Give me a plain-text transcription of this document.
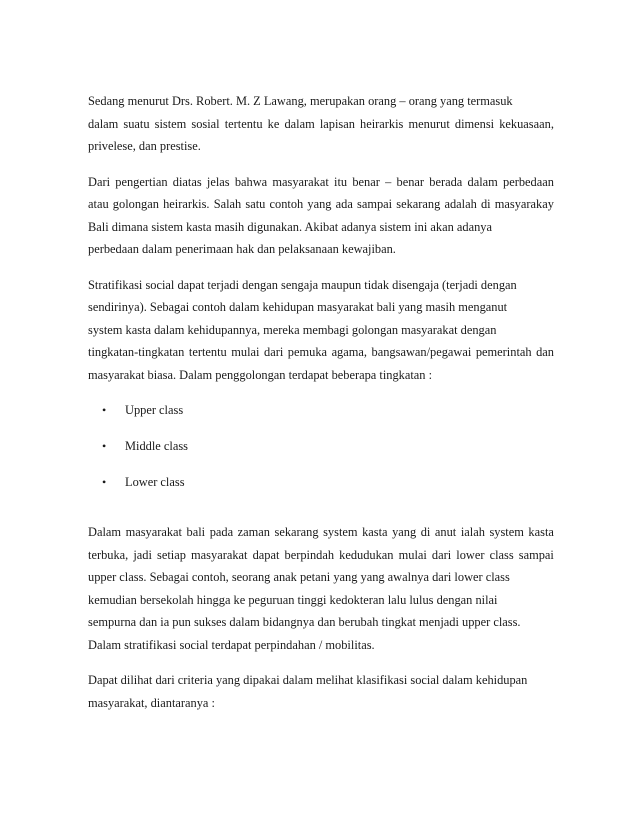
Sedang menurut Drs. Robert. M. Z Lawang, merupakan orang – orang yang termasuk
dalam suatu sistem sosial tertentu ke dalam lapisan heirarkis menurut dimensi kekuasaan,
privelese, dan prestise.
Dari pengertian diatas jelas bahwa masyarakat itu benar – benar berada dalam perbedaan
atau golongan heirarkis. Salah satu contoh yang ada sampai sekarang adalah di masyarakay
Bali dimana sistem kasta masih digunakan. Akibat adanya sistem ini akan adanya
perbedaan dalam penerimaan hak dan pelaksanaan kewajiban.
Stratifikasi social dapat terjadi dengan sengaja maupun tidak disengaja (terjadi dengan
sendirinya). Sebagai contoh dalam kehidupan masyarakat bali yang masih menganut
system kasta dalam kehidupannya, mereka membagi golongan masyarakat dengan
tingkatan-tingkatan tertentu mulai dari pemuka agama, bangsawan/pegawai pemerintah dan
masyarakat biasa. Dalam penggolongan terdapat beberapa tingkatan :
•	Upper class
•	Middle class
•	Lower class
Dalam masyarakat bali pada zaman sekarang system kasta yang di anut ialah system kasta
terbuka, jadi setiap masyarakat dapat berpindah kedudukan mulai dari lower class sampai
upper class. Sebagai contoh, seorang anak petani yang yang awalnya dari lower class
kemudian bersekolah hingga ke peguruan tinggi kedokteran lalu lulus dengan nilai
sempurna dan ia pun sukses dalam bidangnya dan berubah tingkat menjadi upper class.
Dalam stratifikasi social terdapat perpindahan / mobilitas.
Dapat dilihat dari criteria yang dipakai dalam melihat klasifikasi social dalam kehidupan
masyarakat, diantaranya :
